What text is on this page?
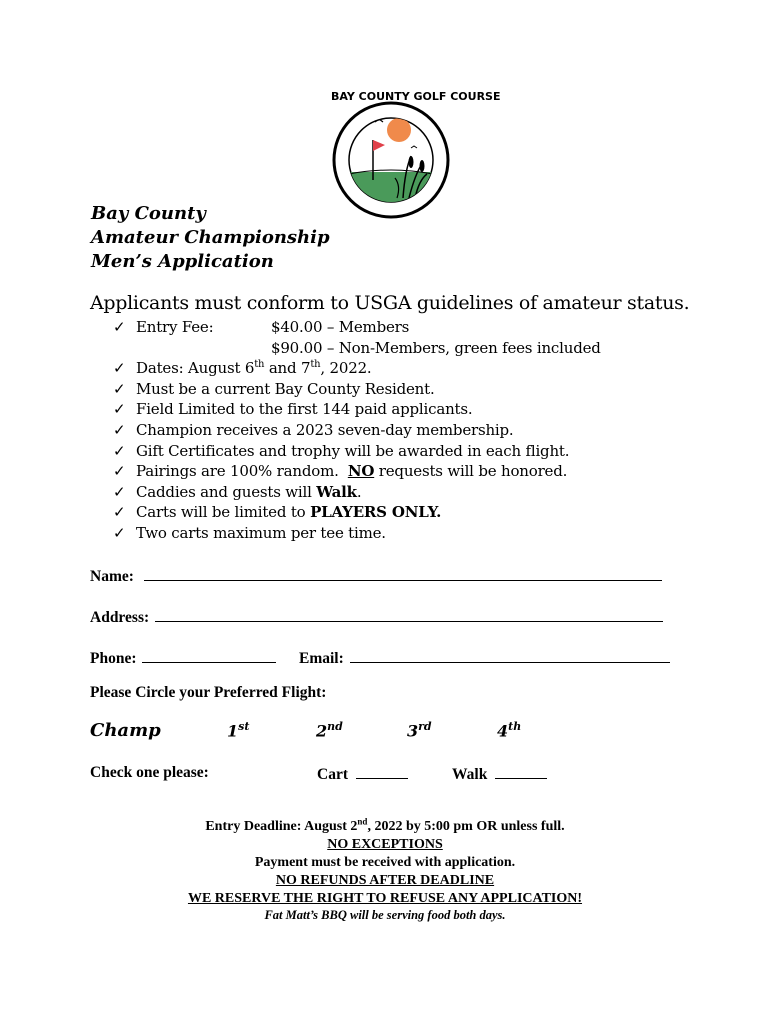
BAY COUNTY GOLF COURSE
Bay County
Amateur Championship
Men’s Application
Applicants must conform to USGA guidelines of amateur status.
✓ Entry Fee:	$40.00 – Members
$90.00 – Non-Members, green fees included
✓ Dates: August 6th and 7th, 2022.
✓ Must be a current Bay County Resident.
✓ Field Limited to the first 144 paid applicants.
✓ Champion receives a 2023 seven-day membership.
✓ Gift Certificates and trophy will be awarded in each flight.
✓ Pairings are 100% random.  NO requests will be honored.
✓ Caddies and guests will Walk.
✓ Carts will be limited to PLAYERS ONLY.
✓ Two carts maximum per tee time.
Name:
Address:
Phone:	Email:
Please Circle your Preferred Flight:
Champ	1st	2nd	3rd	4th
Check one please:	Cart	Walk
Entry Deadline: August 2nd, 2022 by 5:00 pm OR unless full.
NO EXCEPTIONS
Payment must be received with application.
NO REFUNDS AFTER DEADLINE
WE RESERVE THE RIGHT TO REFUSE ANY APPLICATION!
Fat Matt’s BBQ will be serving food both days.
